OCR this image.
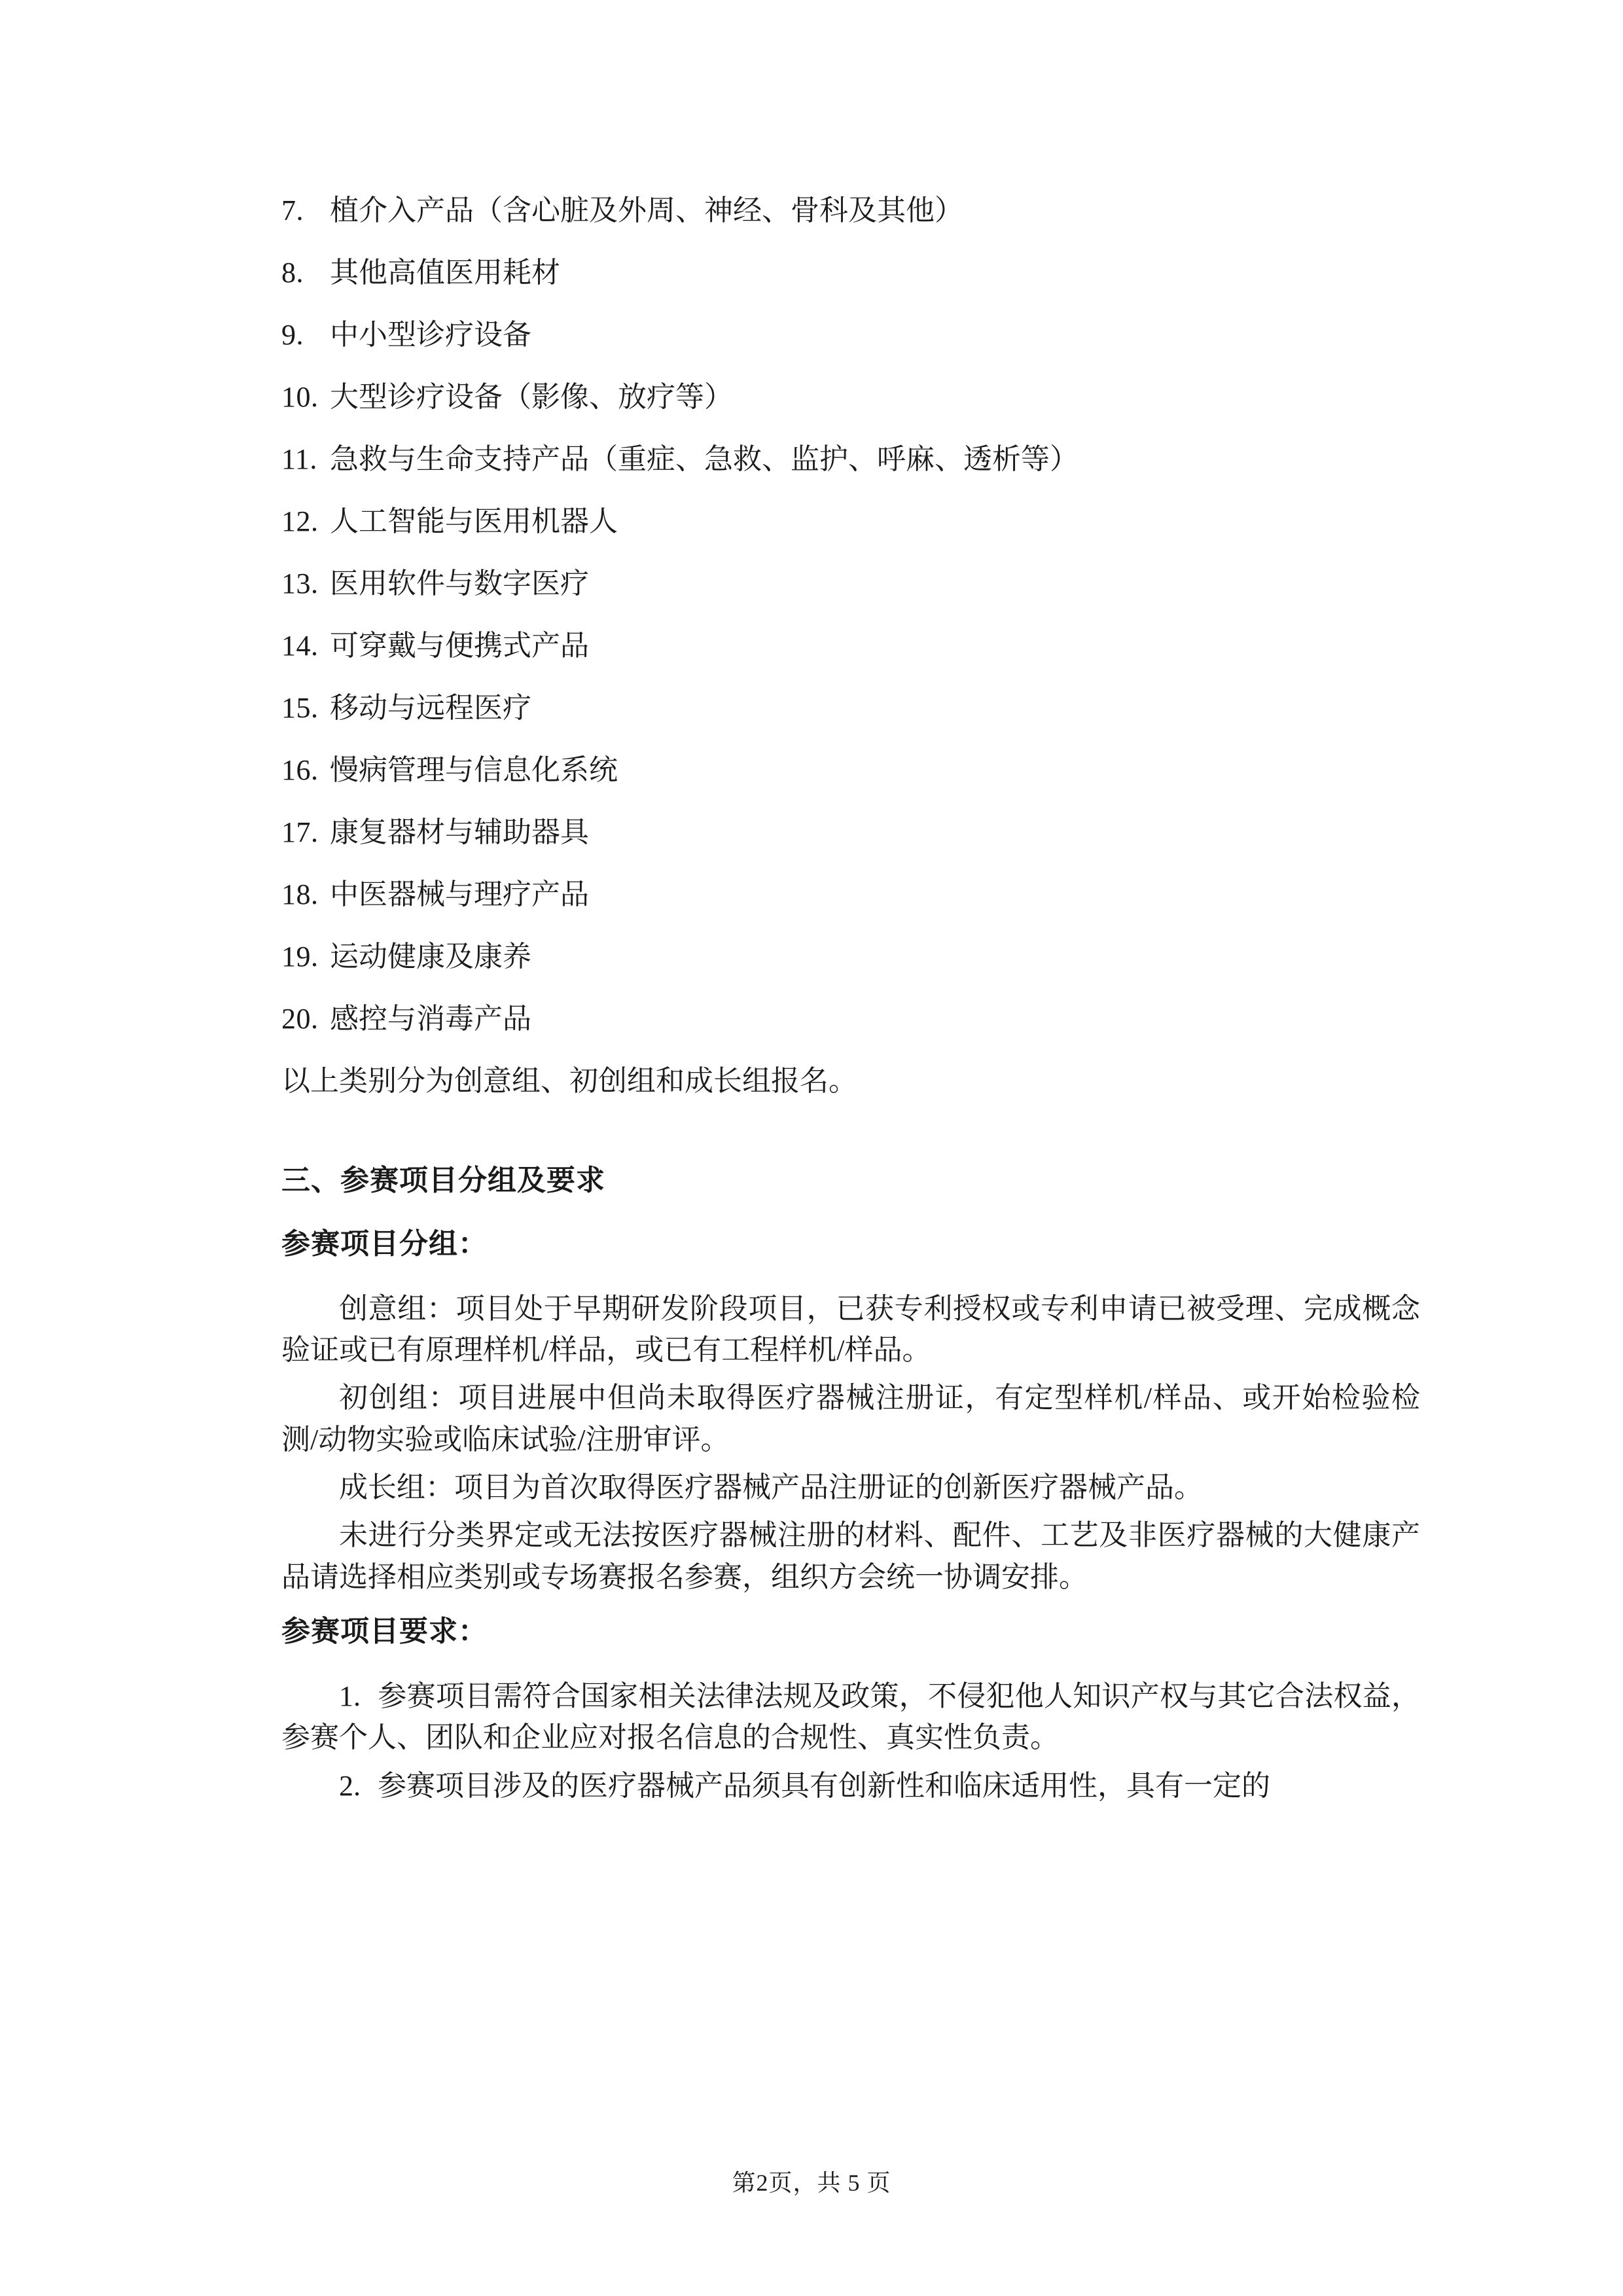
7. 植介入产品（含心脏及外周、神经、骨科及其他）
8. 其他高值医用耗材
9. 中小型诊疗设备
10. 大型诊疗设备（影像、放疗等）
11. 急救与生命支持产品（重症、急救、监护、呼麻、透析等）
12. 人工智能与医用机器人
13. 医用软件与数字医疗
14. 可穿戴与便携式产品
15. 移动与远程医疗
16. 慢病管理与信息化系统
17. 康复器材与辅助器具
18. 中医器械与理疗产品
19. 运动健康及康养
20. 感控与消毒产品

以上类别分为创意组、初创组和成长组报名。

三、参赛项目分组及要求
参赛项目分组：

创意组：项目处于早期研发阶段项目，已获专利授权或专利申请已被受理、完成概念验证或已有原理样机/样品，或已有工程样机/样品。

初创组：项目进展中但尚未取得医疗器械注册证，有定型样机/样品、或开始检验检测/动物实验或临床试验/注册审评。

成长组：项目为首次取得医疗器械产品注册证的创新医疗器械产品。

未进行分类界定或无法按医疗器械注册的材料、配件、工艺及非医疗器械的大健康产品请选择相应类别或专场赛报名参赛，组织方会统一协调安排。

参赛项目要求：

1. 参赛项目需符合国家相关法律法规及政策，不侵犯他人知识产权与其它合法权益，参赛个人、团队和企业应对报名信息的合规性、真实性负责。

2. 参赛项目涉及的医疗器械产品须具有创新性和临床适用性，具有一定的

第2页，共 5 页
